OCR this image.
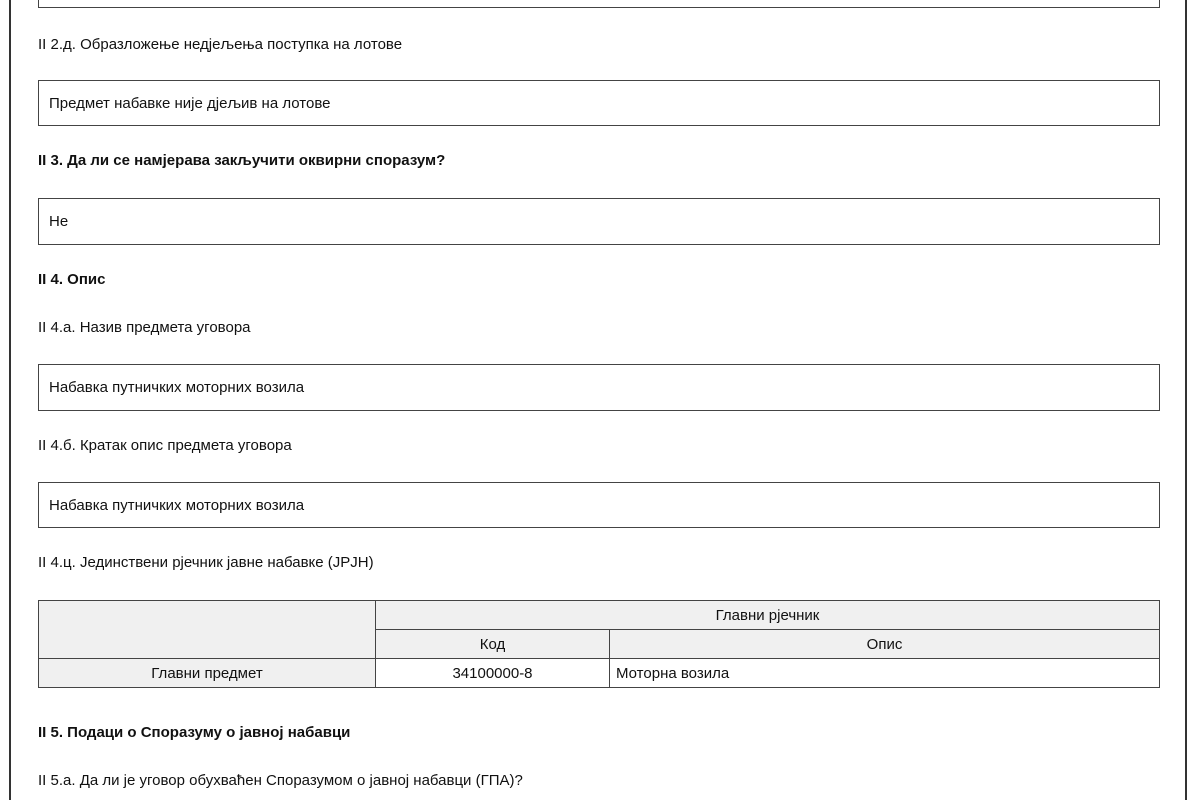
II 2.д. Образложење недјељења поступка на лотове
Предмет набавке није дјељив на лотове
II 3. Да ли се намјерава закључити оквирни споразум?
Не
II 4. Опис
II 4.а. Назив предмета уговора
Набавка путничких моторних возила
II 4.б. Кратак опис предмета уговора
Набавка путничких моторних возила
II 4.ц. Јединствени рјечник јавне набавке (ЈРЈН)
	Главни рјечник	
	Код	Опис
Главни предмет	34100000-8	Моторна возила
II 5. Подаци о Споразуму о јавној набавци
II 5.а. Да ли је уговор обухваћен Споразумом о јавној набавци (ГПА)?
